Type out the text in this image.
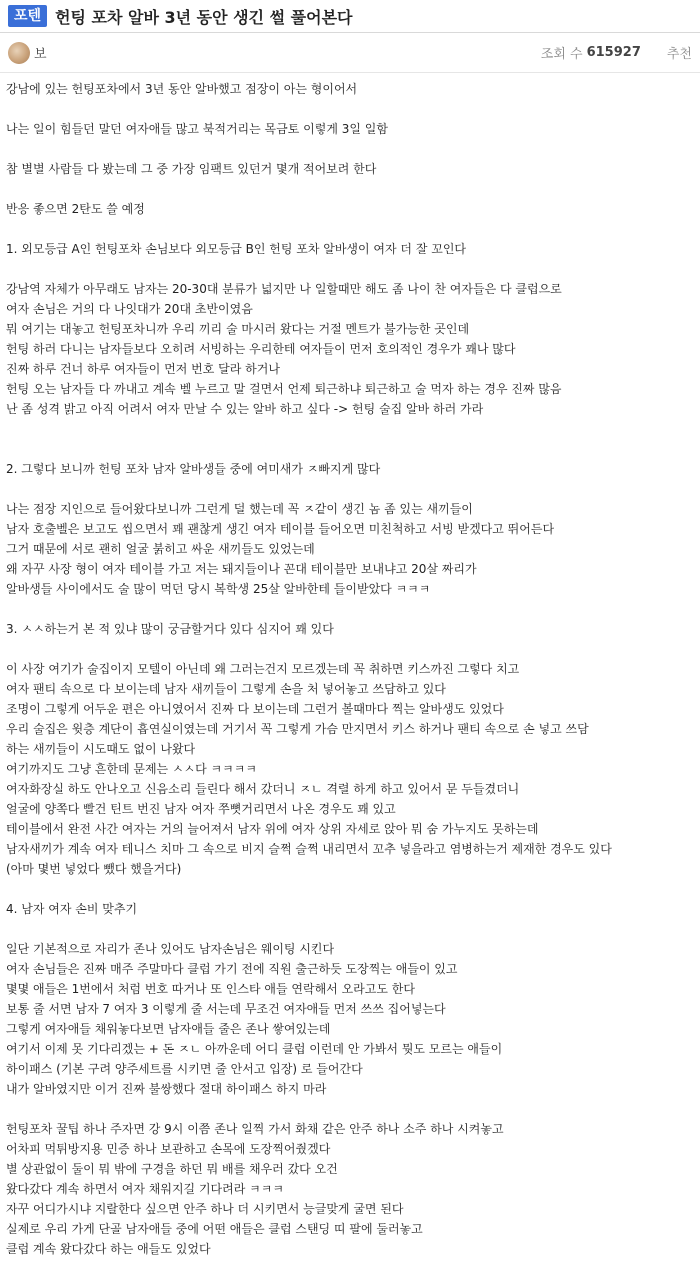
포텐 헌팅 포차 알바 3년 동안 생긴 썰 풀어본다
보	조회 수 615927 추천

강남에 있는 헌팅포차에서 3년 동안 알바했고 점장이 아는 형이어서

나는 일이 힘들던 말던 여자애들 많고 북적거리는 목금토 이렇게 3일 일함

참 별별 사람들 다 봤는데 그 중 가장 임팩트 있던거 몇개 적어보려 한다

반응 좋으면 2탄도 쓸 예정

1. 외모등급 A인 헌팅포차 손님보다 외모등급 B인 헌팅 포차 알바생이 여자 더 잘 꼬인다

강남역 자체가 아무래도 남자는 20-30대 분류가 넓지만 나 일할때만 해도 좀 나이 찬 여자들은 다 클럽으로

여자 손님은 거의 다 나잇대가 20대 초반이였음

뭐 여기는 대놓고 헌팅포차니까 우리 끼리 술 마시러 왔다는 거절 멘트가 불가능한 곳인데

헌팅 하러 다니는 남자들보다 오히려 서빙하는 우리한테 여자들이 먼저 호의적인 경우가 꽤나 많다

진짜 하루 건너 하루 여자들이 먼저 번호 달라 하거나

헌팅 오는 남자들 다 까내고 계속 벨 누르고 말 걸면서 언제 퇴근하냐 퇴근하고 술 먹자 하는 경우 진짜 많음

난 좀 성격 밝고 아직 어려서 여자 만날 수 있는 알바 하고 싶다 -> 헌팅 술집 알바 하러 가라

2. 그렇다 보니까 헌팅 포차 남자 알바생들 중에 여미새가 ㅈ빠지게 많다

나는 점장 지인으로 들어왔다보니까 그런게 덜 했는데 꼭 ㅈ같이 생긴 놈 좀 있는 새끼들이

남자 호출벨은 보고도 씹으면서 꽤 괜찮게 생긴 여자 테이블 들어오면 미친척하고 서빙 받겠다고 뛰어든다

그거 때문에 서로 괜히 얼굴 붉히고 싸운 새끼들도 있었는데

왜 자꾸 사장 형이 여자 테이블 가고 저는 돼지들이나 꼰대 테이블만 보내냐고 20살 짜리가

알바생들 사이에서도 술 많이 먹던 당시 복학생 25살 알바한테 들이받았다 ㅋㅋㅋ

3. ㅅㅅ하는거 본 적 있냐 많이 궁금할거다 있다 심지어 꽤 있다

이 사장 여기가 술집이지 모텔이 아닌데 왜 그러는건지 모르겠는데 꼭 취하면 키스까진 그렇다 치고

여자 팬티 속으로 다 보이는데 남자 새끼들이 그렇게 손을 처 넣어놓고 쓰담하고 있다

조명이 그렇게 어두운 편은 아니였어서 진짜 다 보이는데 그런거 볼때마다 찍는 알바생도 있었다

우리 술집은 윗층 계단이 흡연실이였는데 거기서 꼭 그렇게 가슴 만지면서 키스 하거나 팬티 속으로 손 넣고 쓰담

하는 새끼들이 시도때도 없이 나왔다

여기까지도 그냥 흔한데 문제는 ㅅㅅ다 ㅋㅋㅋㅋ

여자화장실 하도 안나오고 신음소리 들린다 해서 갔더니 ㅈㄴ 격렬 하게 하고 있어서 문 두들겼더니

얼굴에 양쪽다 빨건 틴트 번진 남자 여자 쭈뼛거리면서 나온 경우도 꽤 있고

테이블에서 완전 사간 여자는 거의 늘어져서 남자 위에 여자 상위 자세로 앉아 뭐 숨 가누지도 못하는데

남자새끼가 계속 여자 테니스 치마 그 속으로 비지 슬쩍 슬쩍 내리면서 꼬추 넣을라고 염병하는거 제재한 경우도 있다

(아마 몇번 넣었다 뺐다 했을거다)

4. 남자 여자 손비 맞추기

일단 기본적으로 자리가 존나 있어도 남자손님은 웨이팅 시킨다

여자 손님들은 진짜 매주 주말마다 클럽 가기 전에 직원 출근하듯 도장찍는 애들이 있고

몇몇 애들은 1번에서 처럼 번호 따거나 또 인스타 애들 연락해서 오라고도 한다

보통 줄 서면 남자 7 여자 3 이렇게 줄 서는데 무조건 여자애들 먼저 쓰쓰 집어넣는다

그렇게 여자애들 채워놓다보면 남자애들 줄은 존나 쌓여있는데

여기서 이제 못 기다리겠는 + 돈 ㅈㄴ 아까운데 어디 클럽 이런데 안 가봐서 뭣도 모르는 애들이

하이패스 (기본 구려 양주세트를 시키면 줄 안서고 입장) 로 들어간다

내가 알바였지만 이거 진짜 불쌍했다 절대 하이패스 하지 마라

헌팅포차 꿀팁 하나 주자면 강 9시 이쯤 존나 일찍 가서 화채 같은 안주 하나 소주 하나 시켜놓고

어차피 먹튀방지용 민증 하나 보관하고 손목에 도장찍어줬겠다

별 상관없이 둘이 뭐 밖에 구경을 하던 뭐 배를 채우러 갔다 오건

왔다갔다 계속 하면서 여자 채워지길 기다려라 ㅋㅋㅋ

자꾸 어디가시냐 지랄한다 싶으면 안주 하나 더 시키면서 능글맞게 굴면 된다

실제로 우리 가게 단골 남자애들 중에 어떤 애들은 클럽 스탠딩 띠 팔에 둘러놓고

클럽 계속 왔다갔다 하는 애들도 있었다
